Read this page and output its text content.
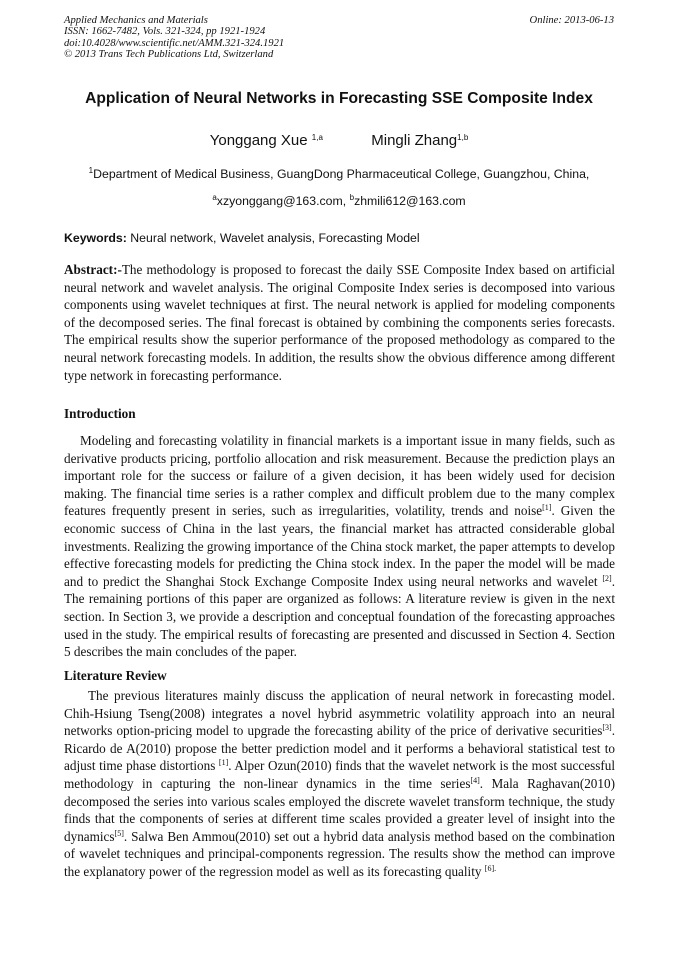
Applied Mechanics and Materials
ISSN: 1662-7482, Vols. 321-324, pp 1921-1924
doi:10.4028/www.scientific.net/AMM.321-324.1921
© 2013 Trans Tech Publications Ltd, Switzerland
Online: 2013-06-13
Application of Neural Networks in Forecasting SSE Composite Index
Yonggang Xue $^{1,a}$	Mingli Zhang$^{1,b}$
$^1$Department of Medical Business, GuangDong Pharmaceutical College, Guangzhou, China,
$^a$xzyonggang@163.com, $^b$zhmili612@163.com
Keywords: Neural network, Wavelet analysis, Forecasting Model
Abstract:-The methodology is proposed to forecast the daily SSE Composite Index based on artificial neural network and wavelet analysis. The original Composite Index series is decomposed into various components using wavelet techniques at first. The neural network is applied for modeling components of the decomposed series. The final forecast is obtained by combining the components series forecasts. The empirical results show the superior performance of the proposed methodology as compared to the neural network forecasting models. In addition, the results show the obvious difference among different type network in forecasting performance.
Introduction
Modeling and forecasting volatility in financial markets is a important issue in many fields, such as derivative products pricing, portfolio allocation and risk measurement. Because the prediction plays an important role for the success or failure of a given decision, it has been widely used for decision making. The financial time series is a rather complex and difficult problem due to the many complex features frequently present in series, such as irregularities, volatility, trends and noise[1]. Given the economic success of China in the last years, the financial market has attracted considerable global investments. Realizing the growing importance of the China stock market, the paper attempts to develop effective forecasting models for predicting the China stock index. In the paper the model will be made and to predict the Shanghai Stock Exchange Composite Index using neural networks and wavelet [2]. The remaining portions of this paper are organized as follows: A literature review is given in the next section. In Section 3, we provide a description and conceptual foundation of the forecasting approaches used in the study. The empirical results of forecasting are presented and discussed in Section 4. Section 5 describes the main concludes of the paper.
Literature Review
The previous literatures mainly discuss the application of neural network in forecasting model. Chih-Hsiung Tseng(2008) integrates a novel hybrid asymmetric volatility approach into an neural networks option-pricing model to upgrade the forecasting ability of the price of derivative securities[3]. Ricardo de A(2010) propose the better prediction model and it performs a behavioral statistical test to adjust time phase distortions [1]. Alper Ozun(2010) finds that the wavelet network is the most successful methodology in capturing the non-linear dynamics in the time series[4]. Mala Raghavan(2010) decomposed the series into various scales employed the discrete wavelet transform technique, the study finds that the components of series at different time scales provided a greater level of insight into the dynamics[5]. Salwa Ben Ammou(2010) set out a hybrid data analysis method based on the combination of wavelet techniques and principal-components regression. The results show the method can improve the explanatory power of the regression model as well as its forecasting quality $^{[6].}$
